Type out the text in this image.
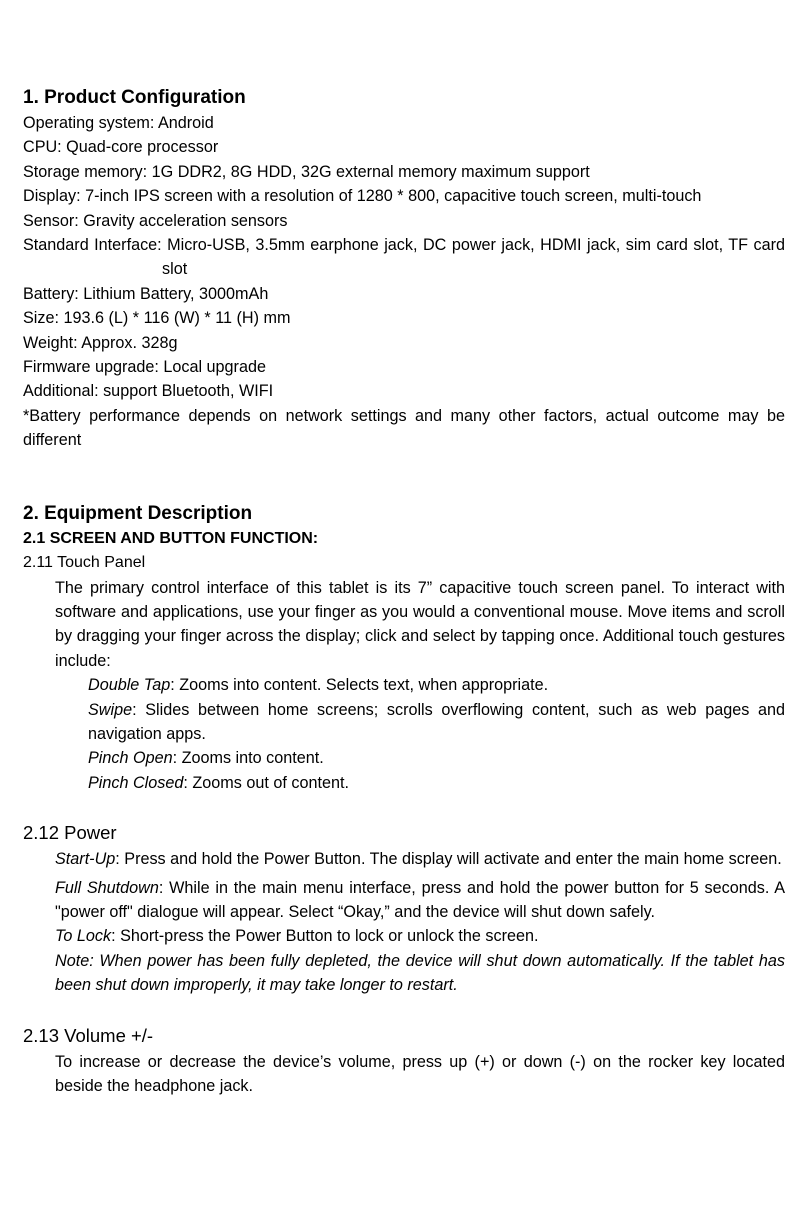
1. Product Configuration

Operating system: Android

CPU: Quad-core processor

Storage memory: 1G DDR2, 8G HDD, 32G external memory maximum support

Display: 7-inch IPS screen with a resolution of 1280 * 800, capacitive touch screen, multi-touch

Sensor: Gravity acceleration sensors

Standard Interface: Micro-USB, 3.5mm earphone jack, DC power jack, HDMI jack, sim card slot, TF card slot

Battery: Lithium Battery, 3000mAh

Size: 193.6 (L) * 116 (W) * 11 (H) mm

Weight: Approx. 328g

Firmware upgrade: Local upgrade

Additional: support Bluetooth, WIFI

*Battery performance depends on network settings and many other factors, actual outcome may be different

2. Equipment Description

2.1 SCREEN AND BUTTON FUNCTION:

2.11 Touch Panel

The primary control interface of this tablet is its 7” capacitive touch screen panel. To interact with software and applications, use your finger as you would a conventional mouse. Move items and scroll by dragging your finger across the display; click and select by tapping once. Additional touch gestures include:

Double Tap: Zooms into content. Selects text, when appropriate.

Swipe: Slides between home screens; scrolls overflowing content, such as web pages and navigation apps.

Pinch Open: Zooms into content.

Pinch Closed: Zooms out of content.

2.12 Power

Start-Up: Press and hold the Power Button. The display will activate and enter the main home screen.

Full Shutdown: While in the main menu interface, press and hold the power button for 5 seconds. A "power off" dialogue will appear. Select “Okay,” and the device will shut down safely.

To Lock: Short-press the Power Button to lock or unlock the screen.

Note: When power has been fully depleted, the device will shut down automatically. If the tablet has been shut down improperly, it may take longer to restart.

2.13 Volume +/-

To increase or decrease the device’s volume, press up (+) or down (-) on the rocker key located beside the headphone jack.
